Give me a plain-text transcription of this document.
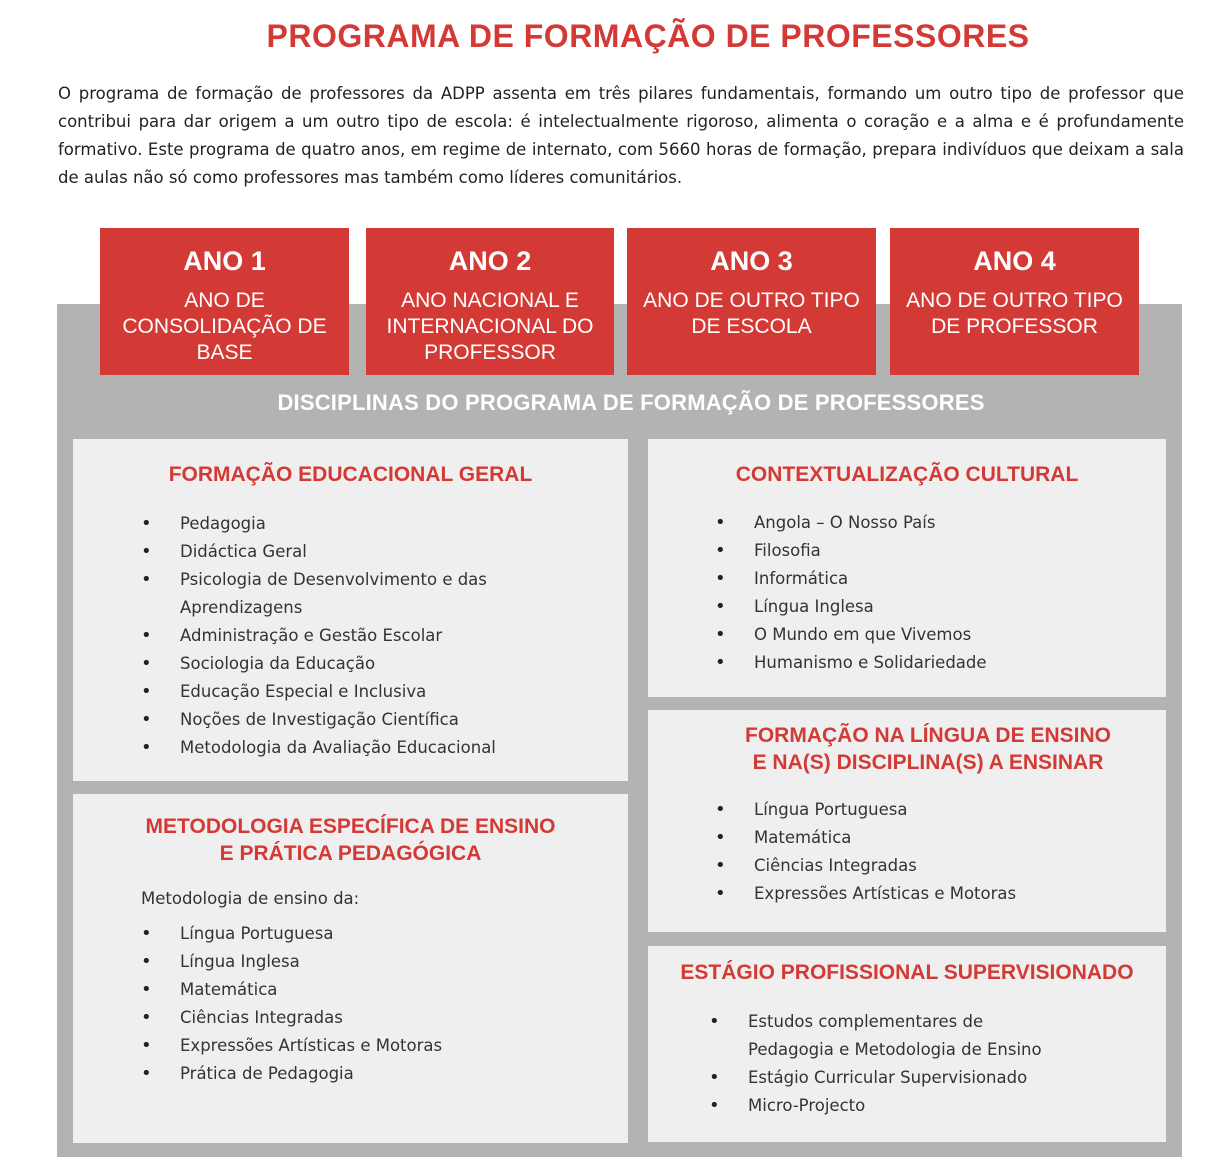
PROGRAMA DE FORMAÇÃO DE PROFESSORES

O programa de formação de professores da ADPP assenta em três pilares fundamentais, formando um outro tipo de professor que contribui para dar origem a um outro tipo de escola: é intelectualmente rigoroso, alimenta o coração e a alma e é profundamente formativo. Este programa de quatro anos, em regime de internato, com 5660 horas de formação, prepara indivíduos que deixam a sala de aulas não só como professores mas também como líderes comunitários.

ANO 1
ANO DE CONSOLIDAÇÃO DE BASE
ANO 2
ANO NACIONAL E INTERNACIONAL DO PROFESSOR
ANO 3
ANO DE OUTRO TIPO DE ESCOLA
ANO 4
ANO DE OUTRO TIPO DE PROFESSOR
DISCIPLINAS DO PROGRAMA DE FORMAÇÃO DE PROFESSORES
FORMAÇÃO EDUCACIONAL GERAL
• Pedagogia
• Didáctica Geral
• Psicologia de Desenvolvimento e das Aprendizagens
• Administração e Gestão Escolar
• Sociologia da Educação
• Educação Especial e Inclusiva
• Noções de Investigação Científica
• Metodologia da Avaliação Educacional
METODOLOGIA ESPECÍFICA DE ENSINO
E PRÁTICA PEDAGÓGICA

Metodologia de ensino da:

• Língua Portuguesa
• Língua Inglesa
• Matemática
• Ciências Integradas
• Expressões Artísticas e Motoras
• Prática de Pedagogia
CONTEXTUALIZAÇÃO CULTURAL
• Angola – O Nosso País
• Filosofia
• Informática
• Língua Inglesa
• O Mundo em que Vivemos
• Humanismo e Solidariedade
FORMAÇÃO NA LÍNGUA DE ENSINO
E NA(S) DISCIPLINA(S) A ENSINAR
• Língua Portuguesa
• Matemática
• Ciências Integradas
• Expressões Artísticas e Motoras
ESTÁGIO PROFISSIONAL SUPERVISIONADO
• Estudos complementares de Pedagogia e Metodologia de Ensino
• Estágio Curricular Supervisionado
• Micro-Projecto
